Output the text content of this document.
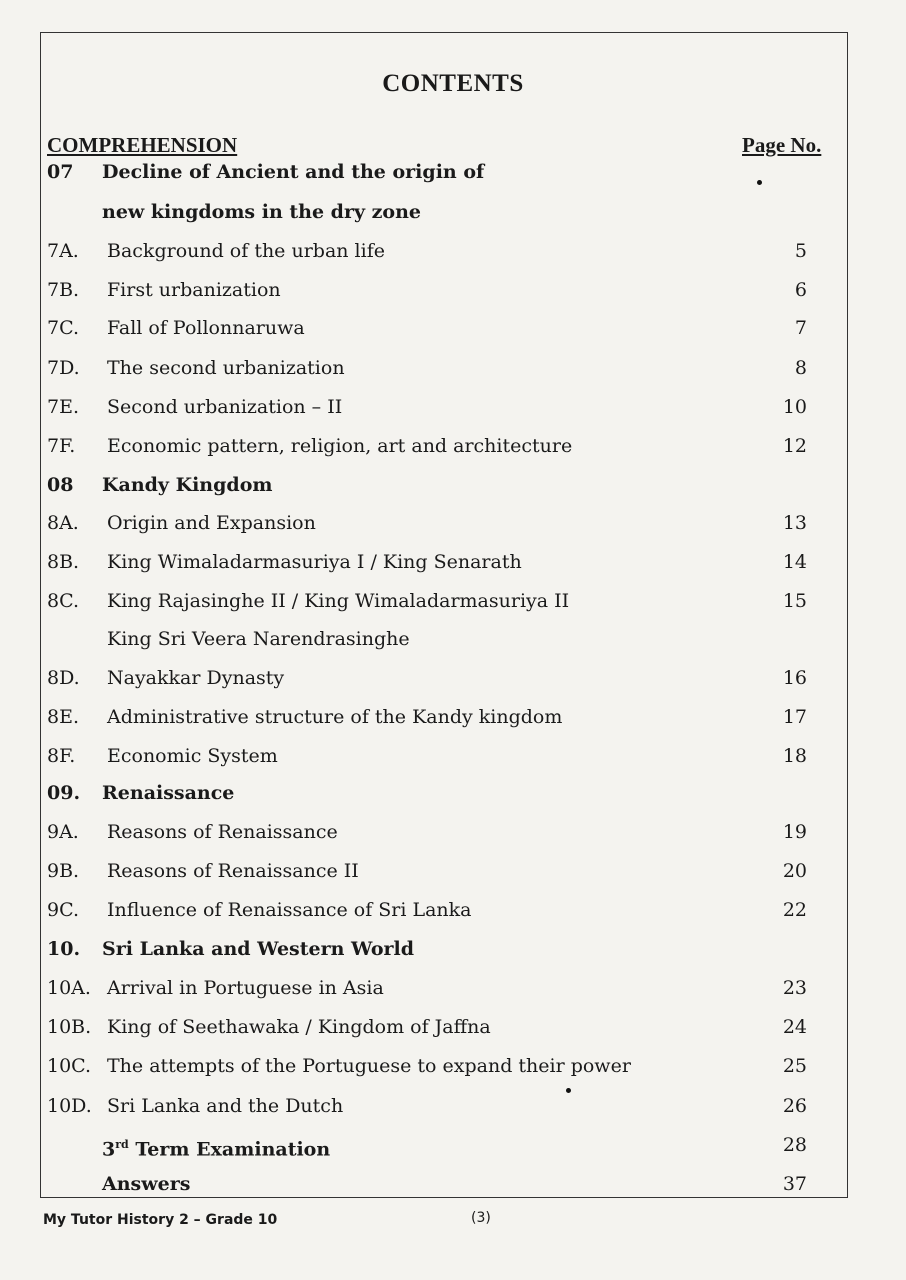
CONTENTS
COMPREHENSION	Page No.
07 Decline of Ancient and the origin of
new kingdoms in the dry zone
7A. Background of the urban life	5
7B. First urbanization	6
7C. Fall of Pollonnaruwa	7
7D. The second urbanization	8
7E. Second urbanization – II	10
7F. Economic pattern, religion, art and architecture	12
08 Kandy Kingdom
8A. Origin and Expansion	13
8B. King Wimaladarmasuriya I / King Senarath	14
8C. King Rajasinghe II / King Wimaladarmasuriya II	15
King Sri Veera Narendrasinghe
8D. Nayakkar Dynasty	16
8E. Administrative structure of the Kandy kingdom	17
8F. Economic System	18
09. Renaissance
9A. Reasons of Renaissance	19
9B. Reasons of Renaissance II	20
9C. Influence of Renaissance of Sri Lanka	22
10. Sri Lanka and Western World
10A. Arrival in Portuguese in Asia	23
10B. King of Seethawaka / Kingdom of Jaffna	24
10C. The attempts of the Portuguese to expand their power	25
10D. Sri Lanka and the Dutch	26
3rd Term Examination	28
Answers	37
My Tutor History 2 – Grade 10	(3)
